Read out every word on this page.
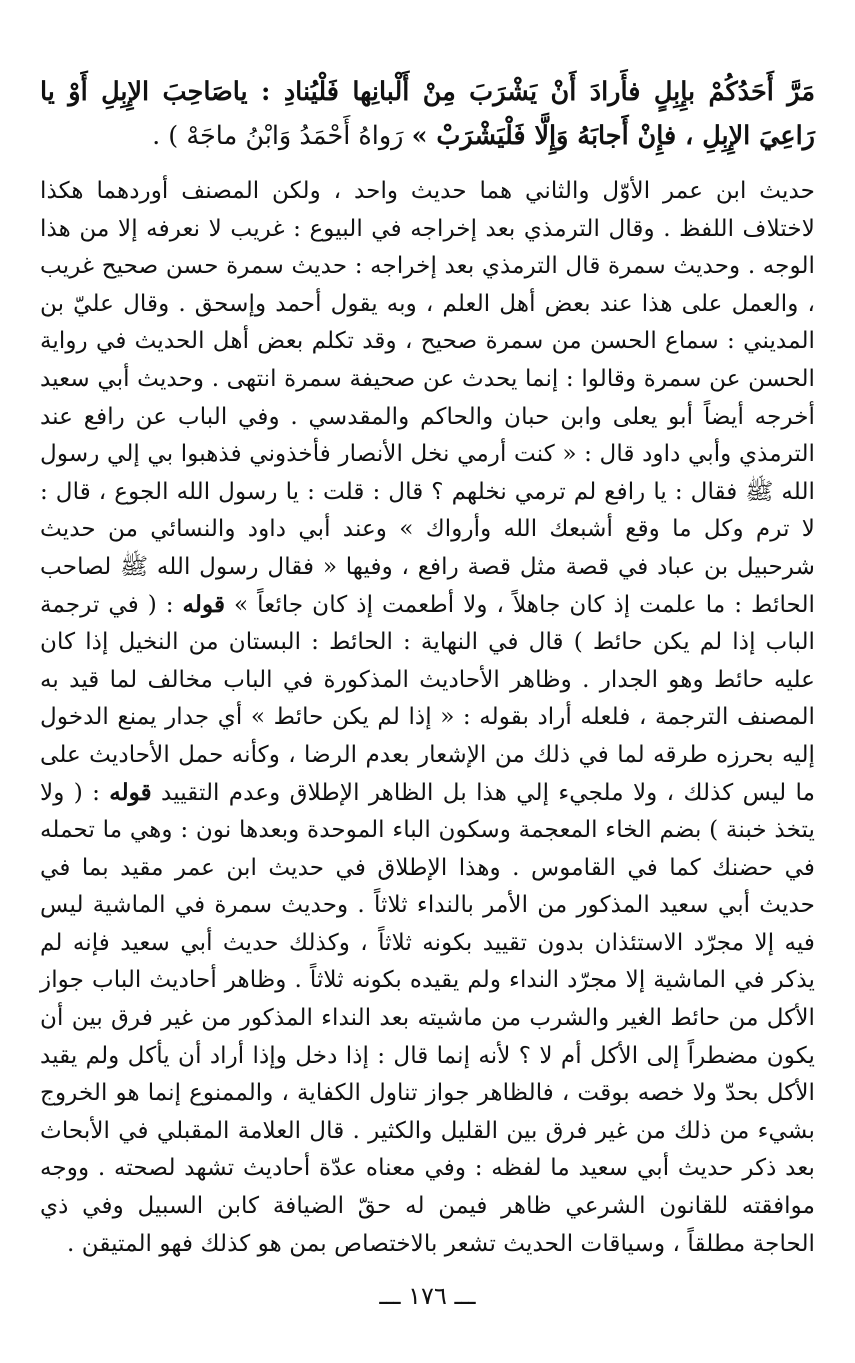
مَرَّ أَحَدُكُمْ بإِبِلٍ فأَرادَ أَنْ يَشْرَبَ مِنْ أَلْبانِها فَلْيُنادِ : ياصَاحِبَ الإِبِلِ أَوْ يا رَاعِيَ الإِبِلِ ، فإِنْ أَجابَهُ وَإِلَّا فَلْيَشْرَبْ » رَواهُ أَحْمَدُ وَابْنُ ماجَهْ ) .

حديث ابن عمر الأوّل والثاني هما حديث واحد ، ولكن المصنف أوردهما هكذا لاختلاف اللفظ . وقال الترمذي بعد إخراجه في البيوع : غريب لا نعرفه إلا من هذا الوجه . وحديث سمرة قال الترمذي بعد إخراجه : حديث سمرة حسن صحيح غريب ، والعمل على هذا عند بعض أهل العلم ، وبه يقول أحمد وإسحق . وقال عليّ بن المديني : سماع الحسن من سمرة صحيح ، وقد تكلم بعض أهل الحديث في رواية الحسن عن سمرة وقالوا : إنما يحدث عن صحيفة سمرة انتهى . وحديث أبي سعيد أخرجه أيضاً أبو يعلى وابن حبان والحاكم والمقدسي . وفي الباب عن رافع عند الترمذي وأبي داود قال : « كنت أرمي نخل الأنصار فأخذوني فذهبوا بي إلي رسول الله ﷺ فقال : يا رافع لم ترمي نخلهم ؟ قال : قلت : يا رسول الله الجوع ، قال : لا ترم وكل ما وقع أشبعك الله وأرواك » وعند أبي داود والنسائي من حديث شرحبيل بن عباد في قصة مثل قصة رافع ، وفيها « فقال رسول الله ﷺ لصاحب الحائط : ما علمت إذ كان جاهلاً ، ولا أطعمت إذ كان جائعاً » قوله : ( في ترجمة الباب إذا لم يكن حائط ) قال في النهاية : الحائط : البستان من النخيل إذا كان عليه حائط وهو الجدار . وظاهر الأحاديث المذكورة في الباب مخالف لما قيد به المصنف الترجمة ، فلعله أراد بقوله : « إذا لم يكن حائط » أي جدار يمنع الدخول إليه بحرزه طرقه لما في ذلك من الإشعار بعدم الرضا ، وكأنه حمل الأحاديث على ما ليس كذلك ، ولا ملجيء إلي هذا بل الظاهر الإطلاق وعدم التقييد قوله : ( ولا يتخذ خبنة ) بضم الخاء المعجمة وسكون الباء الموحدة وبعدها نون : وهي ما تحمله في حضنك كما في القاموس . وهذا الإطلاق في حديث ابن عمر مقيد بما في حديث أبي سعيد المذكور من الأمر بالنداء ثلاثاً . وحديث سمرة في الماشية ليس فيه إلا مجرّد الاستئذان بدون تقييد بكونه ثلاثاً ، وكذلك حديث أبي سعيد فإنه لم يذكر في الماشية إلا مجرّد النداء ولم يقيده بكونه ثلاثاً . وظاهر أحاديث الباب جواز الأكل من حائط الغير والشرب من ماشيته بعد النداء المذكور من غير فرق بين أن يكون مضطراً إلى الأكل أم لا ؟ لأنه إنما قال : إذا دخل وإذا أراد أن يأكل ولم يقيد الأكل بحدّ ولا خصه بوقت ، فالظاهر جواز تناول الكفاية ، والممنوع إنما هو الخروج بشيء من ذلك من غير فرق بين القليل والكثير . قال العلامة المقبلي في الأبحاث بعد ذكر حديث أبي سعيد ما لفظه : وفي معناه عدّة أحاديث تشهد لصحته . ووجه موافقته للقانون الشرعي ظاهر فيمن له حقّ الضيافة كابن السبيل وفي ذي الحاجة مطلقاً ، وسياقات الحديث تشعر بالاختصاص بمن هو كذلك فهو المتيقن .
ـــ ١٧٦ ـــ
